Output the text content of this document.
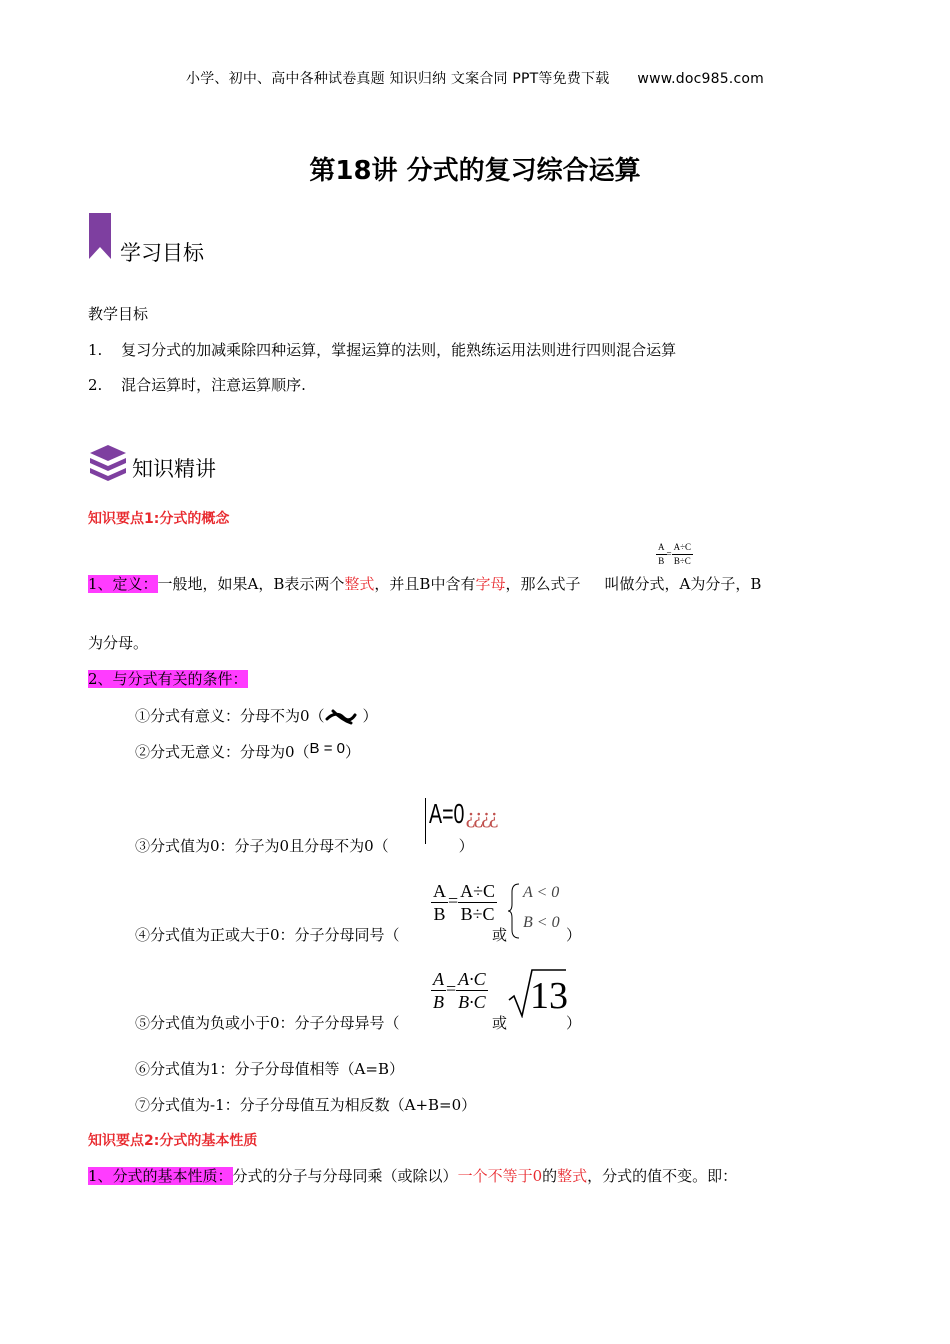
小学、初中、高中各种试卷真题 知识归纳 文案合同 PPT等免费下载 www.doc985.com
第18讲 分式的复习综合运算
学习目标
教学目标
1. 复习分式的加减乘除四种运算，掌握运算的法则，能熟练运用法则进行四则混合运算
2. 混合运算时，注意运算顺序.
知识精讲
知识要点1:分式的概念
1、定义：一般地，如果A，B表示两个整式，并且B中含有字母，那么式子 叫做分式，A为分子，B
$\frac{A}{B} = \frac{A\div C}{B\div C}$
为分母。
2、与分式有关的条件：
①分式有意义：分母不为0（	）
②分式无意义：分母为0（B = 0）
③分式值为0：分子为0且分母不为0（	）
A=0¿¿¿¿
④分式值为正或大于0：分子分母同号（
$\frac{A}{B} = \frac{A\div C}{B\div C}$
或
A < 0
B < 0
）
⑤分式值为负或小于0：分子分母异号（
$\frac{A}{B} = \frac{A\cdot C}{B\cdot C}$
或
13
）
⑥分式值为1：分子分母值相等（A=B）
⑦分式值为-1：分子分母值互为相反数（A+B=0）
知识要点2:分式的基本性质
1、分式的基本性质：分式的分子与分母同乘（或除以）一个不等于0的整式，分式的值不变。即：
